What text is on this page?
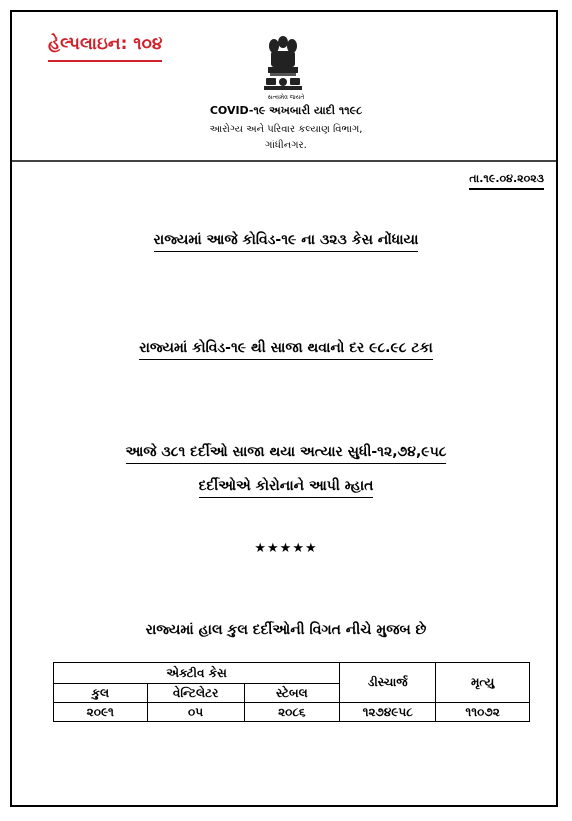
હેલ્પલાઇન: ૧૦૪
સત્યમેવ જયતે
COVID-૧૯ અખબારી યાદી ૧૧૯૮
આરોગ્ય અને પરિવાર કલ્યાણ વિભાગ,
ગાંધીનગર.
તા.૧૯.૦૪.૨૦૨૩
રાજ્યમાં આજે કોવિડ-૧૯ ના ૩૨૩ કેસ નોંધાયા
રાજ્યમાં કોવિડ-૧૯ થી સાજા થવાનો દર ૯૮.૯૮ ટકા
આજે ૩૮૧ દર્દીઓ સાજા થયા અત્યાર સુધી-૧૨,૭૪,૯૫૮
દર્દીઓએ કોરોનાને આપી મ્હાત
★★★★★
રાજ્યમાં હાલ કુલ દર્દીઓની વિગત નીચે મુજબ છે
એક્ટીવ કેસ			ડીસ્ચાર્જ	મૃત્યુ
કુલ	વેન્ટિલેટર	સ્ટેબલ		
૨૦૯૧	૦૫	૨૦૮૬	૧૨૭૪૯૫૮	૧૧૦૭૨
